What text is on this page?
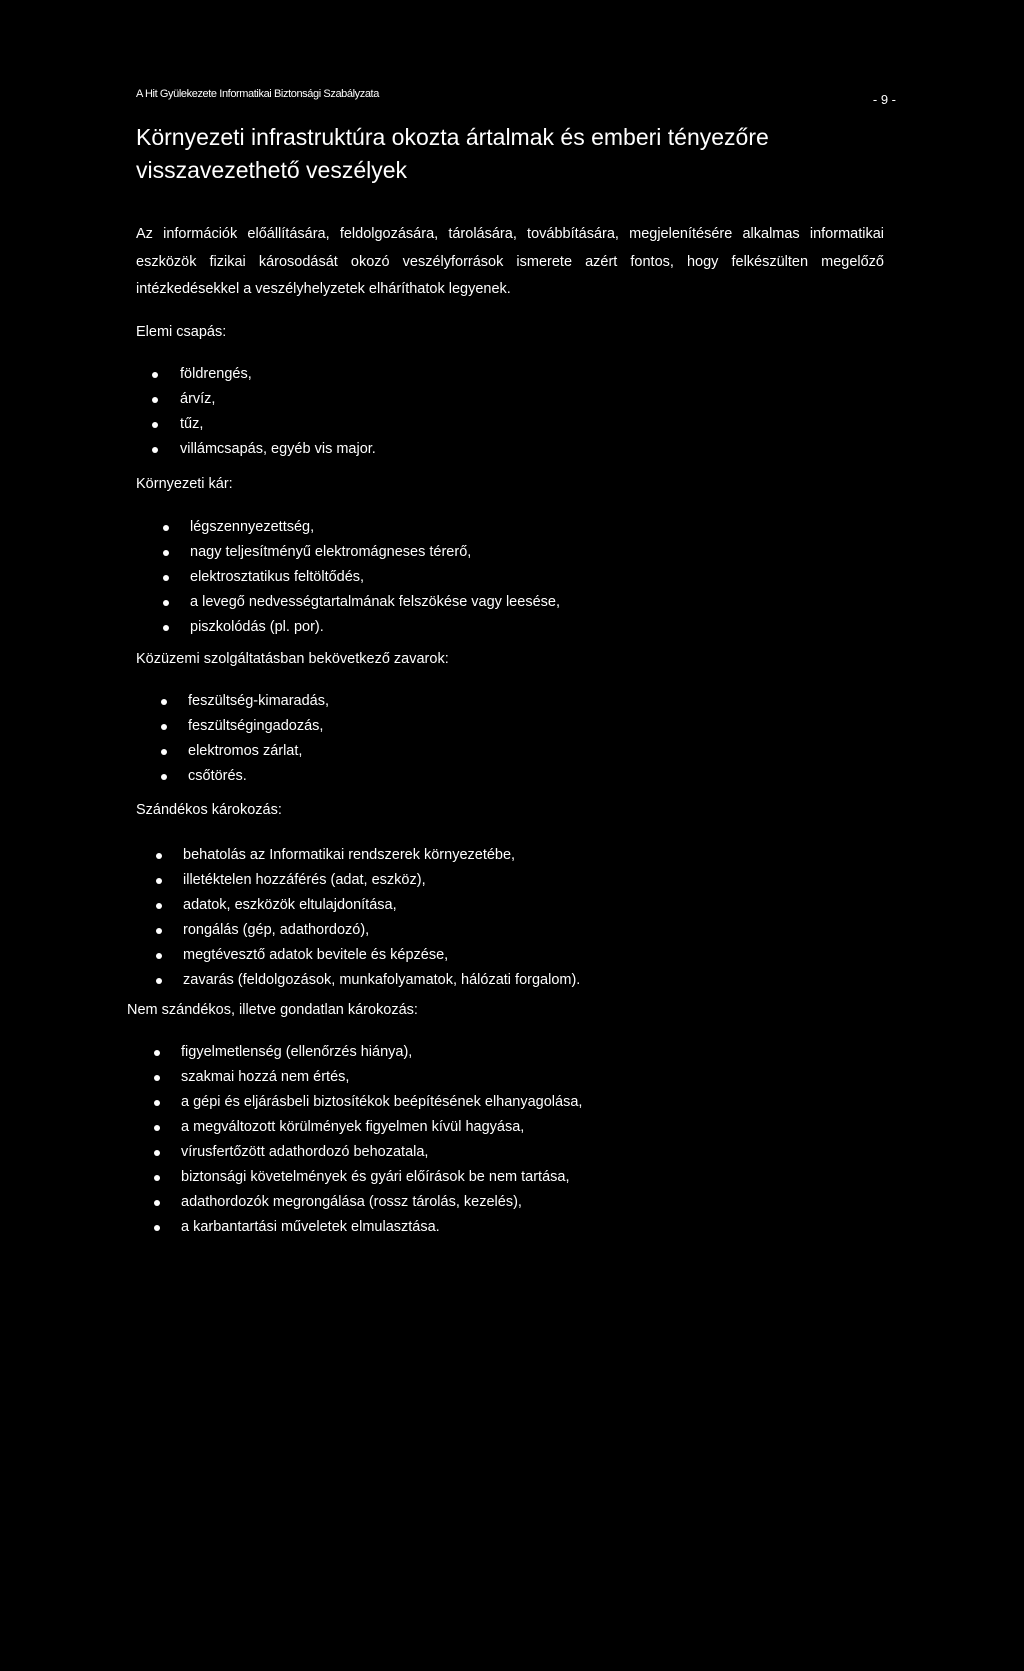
A Hit Gyülekezete Informatikai Biztonsági Szabályzata	- 9 -
Környezeti infrastruktúra okozta ártalmak és emberi tényezőre visszavezethető veszélyek

Az információk előállítására, feldolgozására, tárolására, továbbítására, megjelenítésére alkalmas informatikai eszközök fizikai károsodását okozó veszélyforrások ismerete azért fontos, hogy felkészülten megelőző intézkedésekkel a veszélyhelyzetek elháríthatok legyenek.

Elemi csapás:

földrengés,
árvíz,
tűz,
villámcsapás, egyéb vis major.

Környezeti kár:

légszennyezettség,
nagy teljesítményű elektromágneses térerő,
elektrosztatikus feltöltődés,
a levegő nedvességtartalmának felszökése vagy leesése,
piszkolódás (pl. por).

Közüzemi szolgáltatásban bekövetkező zavarok:

feszültség-kimaradás,
feszültségingadozás,
elektromos zárlat,
csőtörés.

Szándékos károkozás:

behatolás az Informatikai rendszerek környezetébe,
illetéktelen hozzáférés (adat, eszköz),
adatok, eszközök eltulajdonítása,
rongálás (gép, adathordozó),
megtévesztő adatok bevitele és képzése,
zavarás (feldolgozások, munkafolyamatok, hálózati forgalom).

Nem szándékos, illetve gondatlan károkozás:

figyelmetlenség (ellenőrzés hiánya),
szakmai hozzá nem értés,
a gépi és eljárásbeli biztosítékok beépítésének elhanyagolása,
a megváltozott körülmények figyelmen kívül hagyása,
vírusfertőzött adathordozó behozatala,
biztonsági követelmények és gyári előírások be nem tartása,
adathordozók megrongálása (rossz tárolás, kezelés),
a karbantartási műveletek elmulasztása.
